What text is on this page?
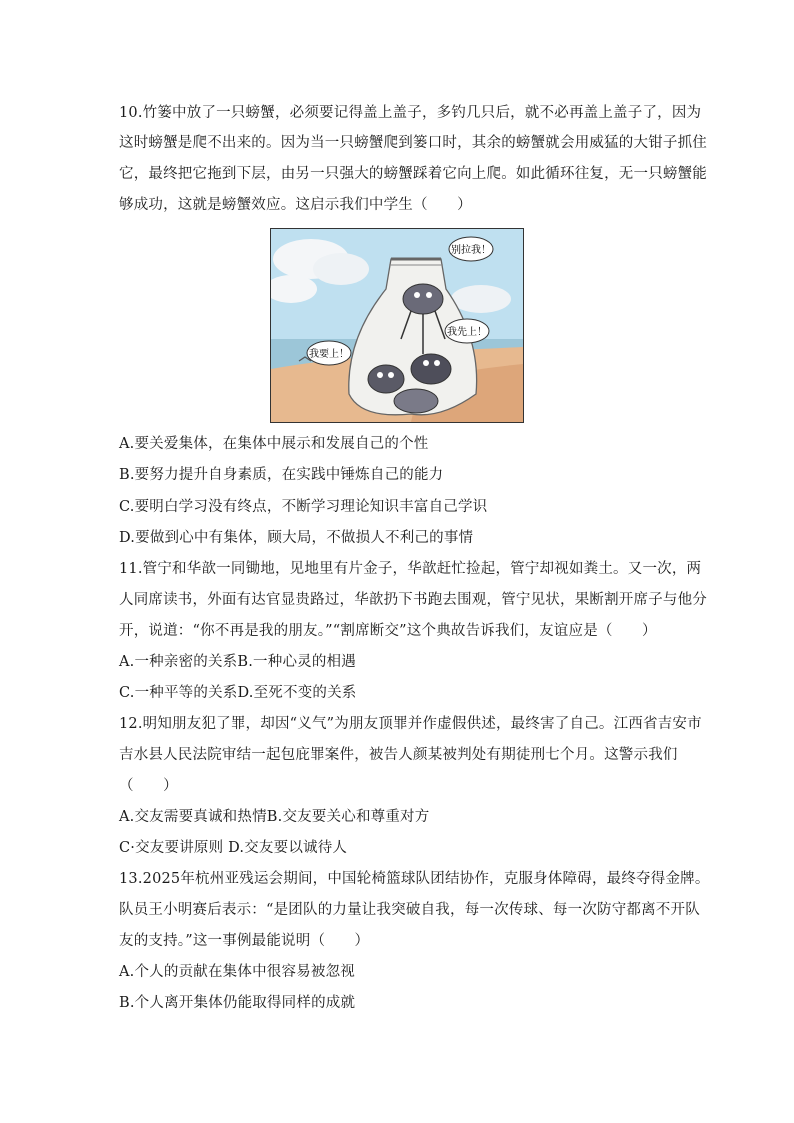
10.竹篓中放了一只螃蟹，必须要记得盖上盖子，多钓几只后，就不必再盖上盖子了，因为
这时螃蟹是爬不出来的。因为当一只螃蟹爬到篓口时，其余的螃蟹就会用威猛的大钳子抓住
它，最终把它拖到下层，由另一只强大的螃蟹踩着它向上爬。如此循环往复，无一只螃蟹能
够成功，这就是螃蟹效应。这启示我们中学生（　　）
别拉我！
我先上！
我要上！
A.要关爱集体，在集体中展示和发展自己的个性
B.要努力提升自身素质，在实践中锤炼自己的能力
C.要明白学习没有终点，不断学习理论知识丰富自己学识
D.要做到心中有集体，顾大局，不做损人不利己的事情
11.管宁和华歆一同锄地，见地里有片金子，华歆赶忙捡起，管宁却视如粪土。又一次，两
人同席读书，外面有达官显贵路过，华歆扔下书跑去围观，管宁见状，果断割开席子与他分
开，说道：“你不再是我的朋友。”“割席断交”这个典故告诉我们，友谊应是（　　）
A.一种亲密的关系B.一种心灵的相遇
C.一种平等的关系D.至死不变的关系
12.明知朋友犯了罪，却因“义气”为朋友顶罪并作虚假供述，最终害了自己。江西省吉安市
吉水县人民法院审结一起包庇罪案件，被告人颜某被判处有期徒刑七个月。这警示我们
（　　）
A.交友需要真诚和热情B.交友要关心和尊重对方
C·交友要讲原则 D.交友要以诚待人
13.2025年杭州亚残运会期间，中国轮椅篮球队团结协作，克服身体障碍，最终夺得金牌。
队员王小明赛后表示：“是团队的力量让我突破自我，每一次传球、每一次防守都离不开队
友的支持。”这一事例最能说明（　　）
A.个人的贡献在集体中很容易被忽视
B.个人离开集体仍能取得同样的成就
